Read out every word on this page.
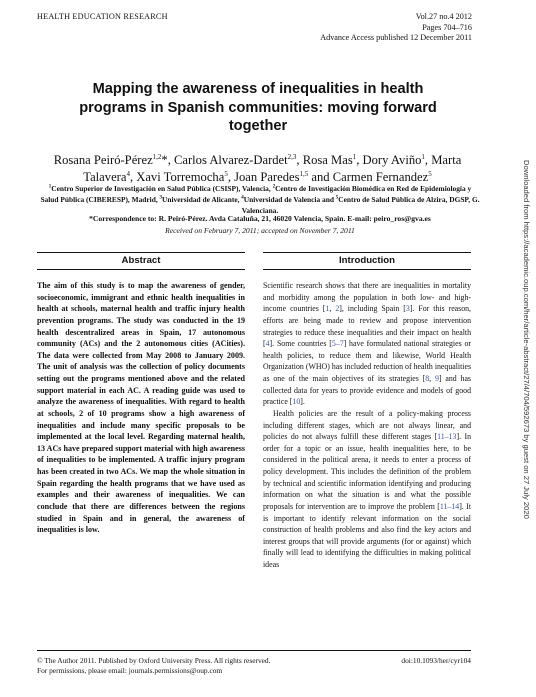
HEALTH EDUCATION RESEARCH	Vol.27 no.4 2012
Pages 704–716
Advance Access published 12 December 2011
Mapping the awareness of inequalities in health programs in Spanish communities: moving forward together
Rosana Peiró-Pérez$^{1,2}$*, Carlos Alvarez-Dardet$^{2,3}$, Rosa Mas$^1$, Dory Aviño$^1$, Marta Talavera$^4$, Xavi Torremocha$^5$, Joan Paredes$^{1,5}$ and Carmen Fernandez$^5$
$^1$Centro Superior de Investigación en Salud Pública (CSISP), Valencia, $^2$Centro de Investigación Biomédica en Red de Epidemiología y Salud Pública (CIBERESP), Madrid, $^3$Universidad de Alicante, $^4$Universidad de Valencia and $^5$Centro de Salud Pública de Alzira, DGSP, G. Valenciana.
*Correspondence to: R. Peiró-Pérez. Avda Cataluña, 21, 46020 Valencia, Spain. E-mail: peiro_ros@gva.es
Received on February 7, 2011; accepted on November 7, 2011
Abstract
The aim of this study is to map the awareness of gender, socioeconomic, immigrant and ethnic health inequalities in health at schools, maternal health and traffic injury health prevention programs. The study was conducted in the 19 health descentralized areas in Spain, 17 autonomous community (ACs) and the 2 autonomous cities (ACities). The data were collected from May 2008 to January 2009. The unit of analysis was the collection of policy documents setting out the programs mentioned above and the related support material in each AC. A reading guide was used to analyze the awareness of inequalities. With regard to health at schools, 2 of 10 programs show a high awareness of inequalities and include many specific proposals to be implemented at the local level. Regarding maternal health, 13 ACs have prepared support material with high awareness of inequalities to be implemented. A traffic injury program has been created in two ACs. We map the whole situation in Spain regarding the health programs that we have used as examples and their awareness of inequalities. We can conclude that there are differences between the regions studied in Spain and in general, the awareness of inequalities is low.
Introduction

Scientific research shows that there are inequalities in mortality and morbidity among the population in both low- and high-income countries [1, 2], including Spain [3]. For this reason, efforts are being made to review and propose intervention strategies to reduce these inequalities and their impact on health [4]. Some countries [5–7] have formulated national strategies or health policies, to reduce them and likewise, World Health Organization (WHO) has included reduction of health inequalities as one of the main objectives of its strategies [8, 9] and has collected data for years to provide evidence and models of good practice [10].

Health policies are the result of a policy-making process including different stages, which are not always linear, and policies do not always fulfill these different stages [11–13]. In order for a topic or an issue, health inequalities here, to be considered in the political arena, it needs to enter a process of policy development. This includes the definition of the problem by technical and scientific information identifying and producing information on what the situation is and what the possible proposals for intervention are to improve the problem [11–14]. It is important to identify relevant information on the social construction of health problems and also find the key actors and interest groups that will provide arguments (for or against) which finally will lead to identifying the difficulties in making political ideas

© The Author 2011. Published by Oxford University Press. All rights reserved.
For permissions, please email: journals.permissions@oup.com
doi:10.1093/her/cyr104
Downloaded from https://academic.oup.com/her/article-abstract/27/4/704/592673 by guest on 27 July 2020
